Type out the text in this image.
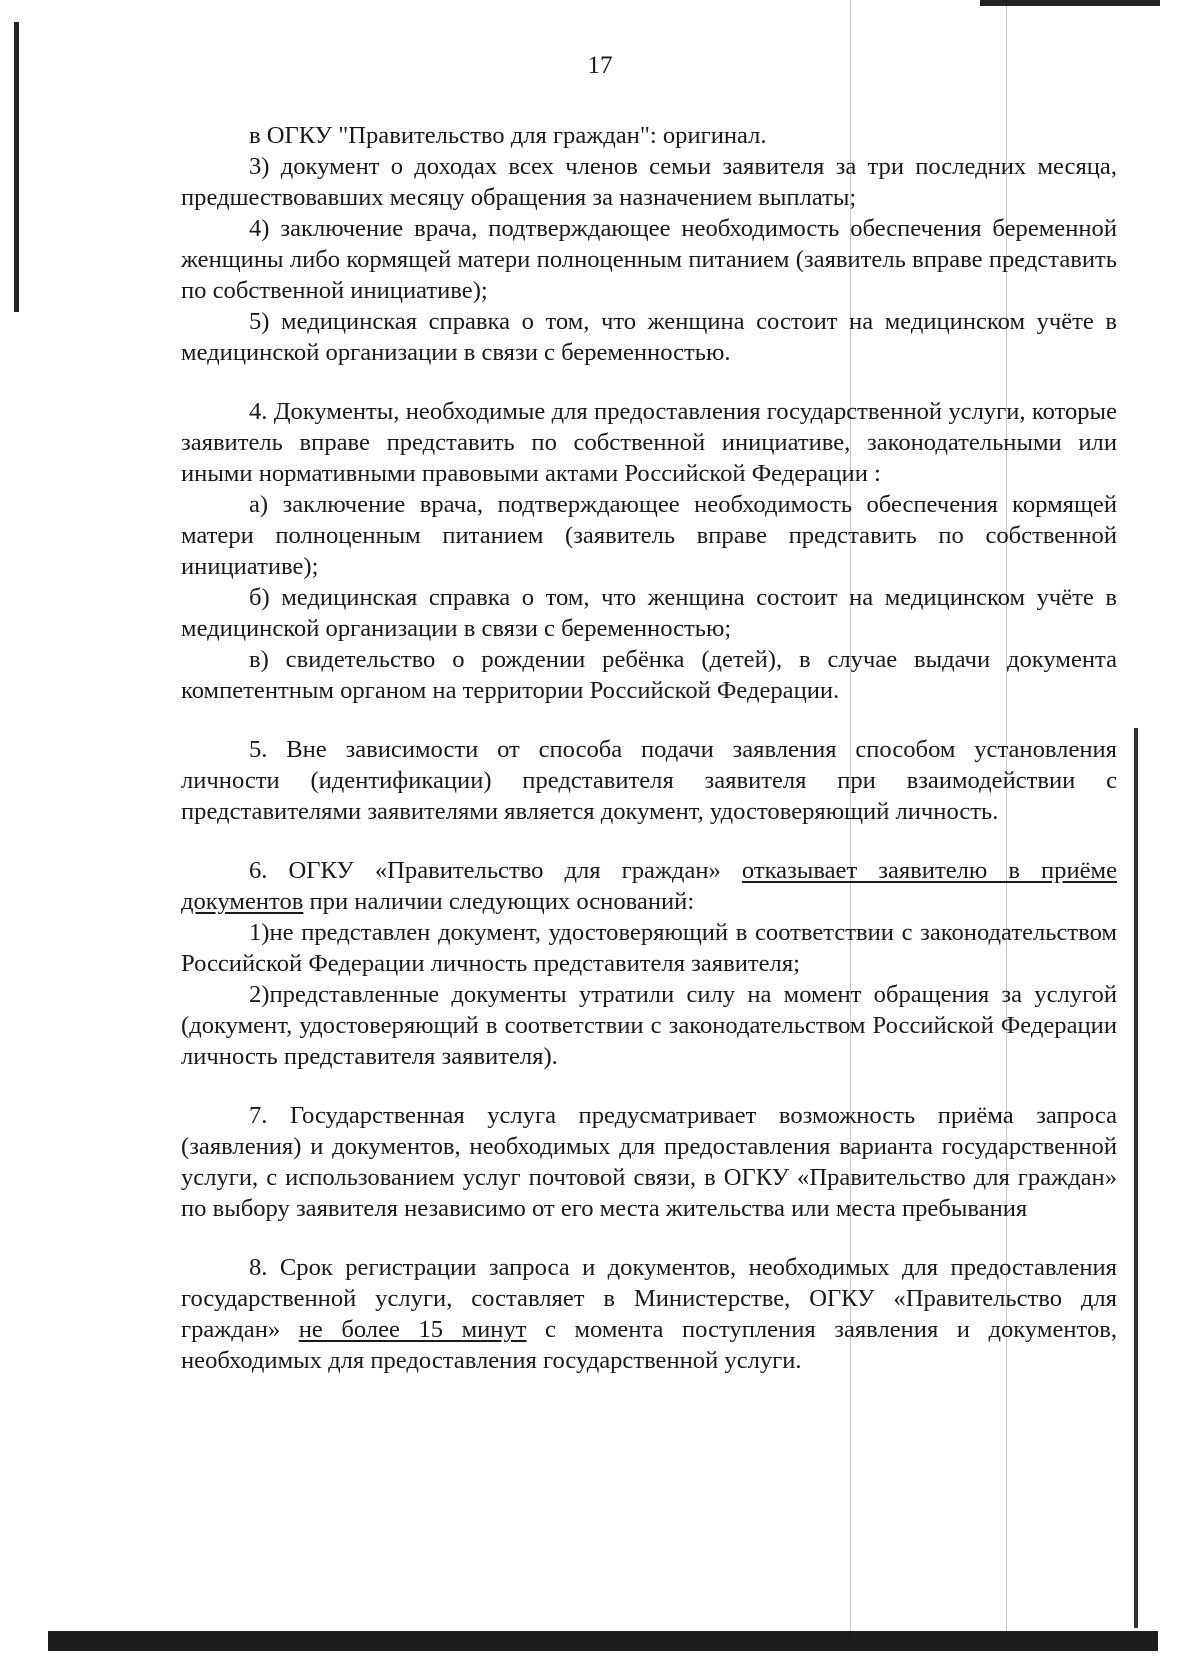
17

в ОГКУ "Правительство для граждан": оригинал.

3) документ о доходах всех членов семьи заявителя за три последних месяца, предшествовавших месяцу обращения за назначением выплаты;

4) заключение врача, подтверждающее необходимость обеспечения беременной женщины либо кормящей матери полноценным питанием (заявитель вправе представить по собственной инициативе);

5) медицинская справка о том, что женщина состоит на медицинском учёте в медицинской организации в связи с беременностью.

4. Документы, необходимые для предоставления государственной услуги, которые заявитель вправе представить по собственной инициативе, законодательными или иными нормативными правовыми актами Российской Федерации :

а) заключение врача, подтверждающее необходимость обеспечения кормящей матери полноценным питанием (заявитель вправе представить по собственной инициативе);

б) медицинская справка о том, что женщина состоит на медицинском учёте в медицинской организации в связи с беременностью;

в) свидетельство о рождении ребёнка (детей), в случае выдачи документа компетентным органом на территории Российской Федерации.

5. Вне зависимости от способа подачи заявления способом установления личности (идентификации) представителя заявителя при взаимодействии с представителями заявителями является документ, удостоверяющий личность.

6. ОГКУ «Правительство для граждан» отказывает заявителю в приёме документов при наличии следующих оснований:

1)не представлен документ, удостоверяющий в соответствии с законодательством Российской Федерации личность представителя заявителя;

2)представленные документы утратили силу на момент обращения за услугой (документ, удостоверяющий в соответствии с законодательством Российской Федерации личность представителя заявителя).

7. Государственная услуга предусматривает возможность приёма запроса (заявления) и документов, необходимых для предоставления варианта государственной услуги, с использованием услуг почтовой связи, в ОГКУ «Правительство для граждан» по выбору заявителя независимо от его места жительства или места пребывания

8. Срок регистрации запроса и документов, необходимых для предоставления государственной услуги, составляет в Министерстве, ОГКУ «Правительство для граждан» не более 15 минут с момента поступления заявления и документов, необходимых для предоставления государственной услуги.
